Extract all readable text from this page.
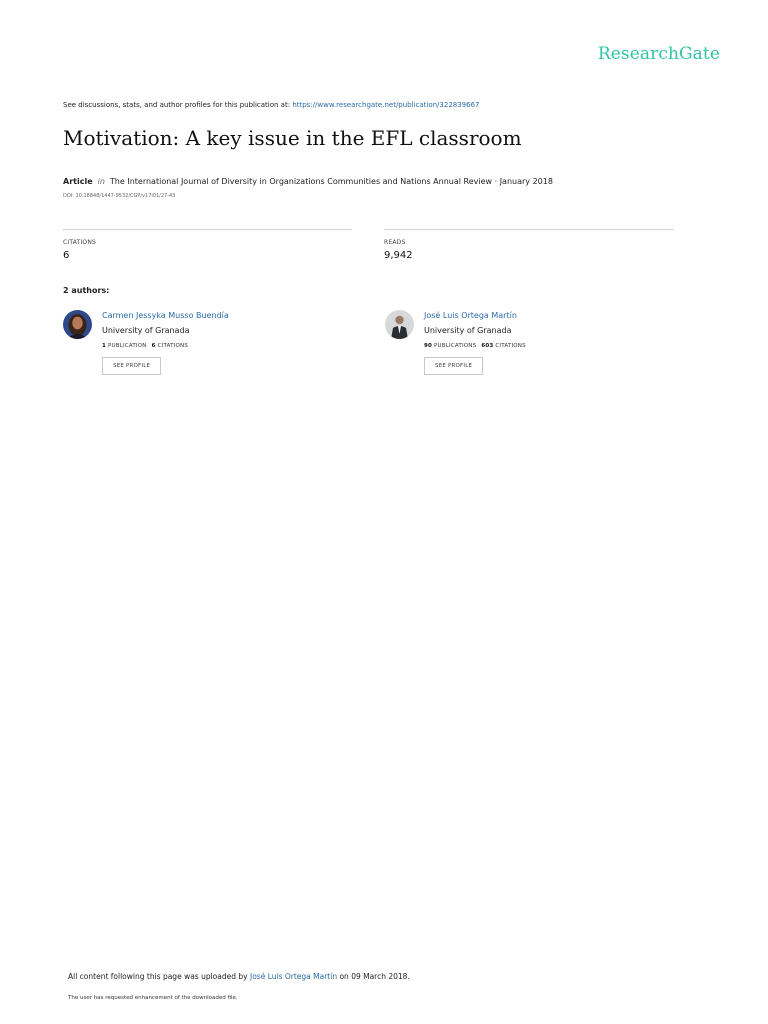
ResearchGate
See discussions, stats, and author profiles for this publication at: https://www.researchgate.net/publication/322839667
Motivation: A key issue in the EFL classroom
Article in The International Journal of Diversity in Organizations Communities and Nations Annual Review · January 2018
DOI: 10.18848/1447-9532/CGP/v17i01/27-43
CITATIONS
6
READS
9,942
2 authors:
Carmen Jessyka Musso Buendía
University of Granada
1 PUBLICATION 6 CITATIONS
SEE PROFILE
José Luis Ortega Martín
University of Granada
90 PUBLICATIONS 603 CITATIONS
SEE PROFILE
All content following this page was uploaded by José Luis Ortega Martín on 09 March 2018.
The user has requested enhancement of the downloaded file.
